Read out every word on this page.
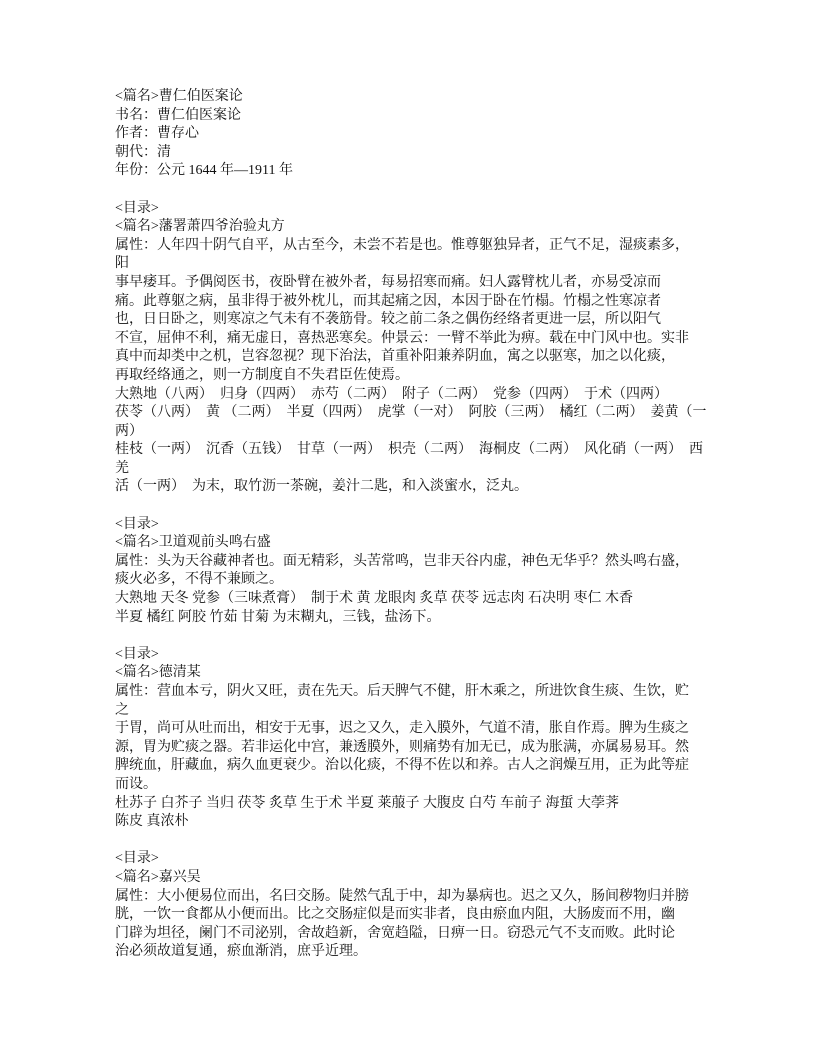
<篇名>曹仁伯医案论
书名：曹仁伯医案论
作者：曹存心
朝代：清
年份：公元 1644 年—1911 年
<目录>
<篇名>藩署萧四爷治验丸方
属性：人年四十阴气自平，从古至今，未尝不若是也。惟尊躯独异者，正气不足，湿痰素多，
阳
事早痿耳。予偶阅医书，夜卧臂在被外者，每易招寒而痛。妇人露臂枕儿者，亦易受凉而
痛。此尊躯之病，虽非得于被外枕儿，而其起痛之因，本因于卧在竹榻。竹榻之性寒凉者
也，日日卧之，则寒凉之气未有不袭筋骨。较之前二条之偶伤经络者更进一层，所以阳气
不宣，屈伸不利，痛无虚日，喜热恶寒矣。仲景云：一臂不举此为痹。载在中门风中也。实非
真中而却类中之机，岂容忽视？现下治法，首重补阳兼养阴血，寓之以驱寒，加之以化痰，
再取经络通之，则一方制度自不失君臣佐使焉。
大熟地（八两）　归身（四两）　赤芍（二两）　附子（二两）　党参（四两）　于术（四两）
茯苓（八两）　黄 （二两）　半夏（四两）　虎掌（一对）　阿胶（三两）　橘红（二两）　姜黄（一
两）
桂枝（一两）　沉香（五钱）　甘草（一两）　枳壳（二两）　海桐皮（二两）　风化硝（一两）　西
羌
活（一两）　为末，取竹沥一茶碗，姜汁二匙，和入淡蜜水，泛丸。
<目录>
<篇名>卫道观前头鸣右盛
属性：头为天谷藏神者也。面无精彩，头苦常鸣，岂非天谷内虚，神色无华乎？然头鸣右盛，
痰火必多，不得不兼顾之。
大熟地 天冬 党参（三味煮膏）　制于术 黄 龙眼肉 炙草 茯苓 远志肉 石决明 枣仁 木香
半夏 橘红 阿胶 竹茹 甘菊 为末糊丸，三钱，盐汤下。
<目录>
<篇名>德清某
属性：营血本亏，阴火又旺，责在先天。后天脾气不健，肝木乘之，所进饮食生痰、生饮，贮
之
于胃，尚可从吐而出，相安于无事，迟之又久，走入膜外，气道不清，胀自作焉。脾为生痰之
源，胃为贮痰之器。若非运化中宫，兼透膜外，则痛势有加无已，成为胀满，亦属易易耳。然
脾统血，肝藏血，病久血更衰少。治以化痰，不得不佐以和养。古人之润燥互用，正为此等症
而设。
杜苏子 白芥子 当归 茯苓 炙草 生于术 半夏 莱菔子 大腹皮 白芍 车前子 海蜇 大荸荠
陈皮 真浓朴
<目录>
<篇名>嘉兴吴
属性：大小便易位而出，名曰交肠。陡然气乱于中，却为暴病也。迟之又久，肠间秽物归并膀
胱，一饮一食都从小便而出。比之交肠症似是而实非者，良由瘀血内阻，大肠废而不用，幽
门辟为坦径，阑门不司泌别，舍故趋新，舍宽趋隘，日痹一日。窃恐元气不支而败。此时论
治必须故道复通，瘀血渐消，庶乎近理。
